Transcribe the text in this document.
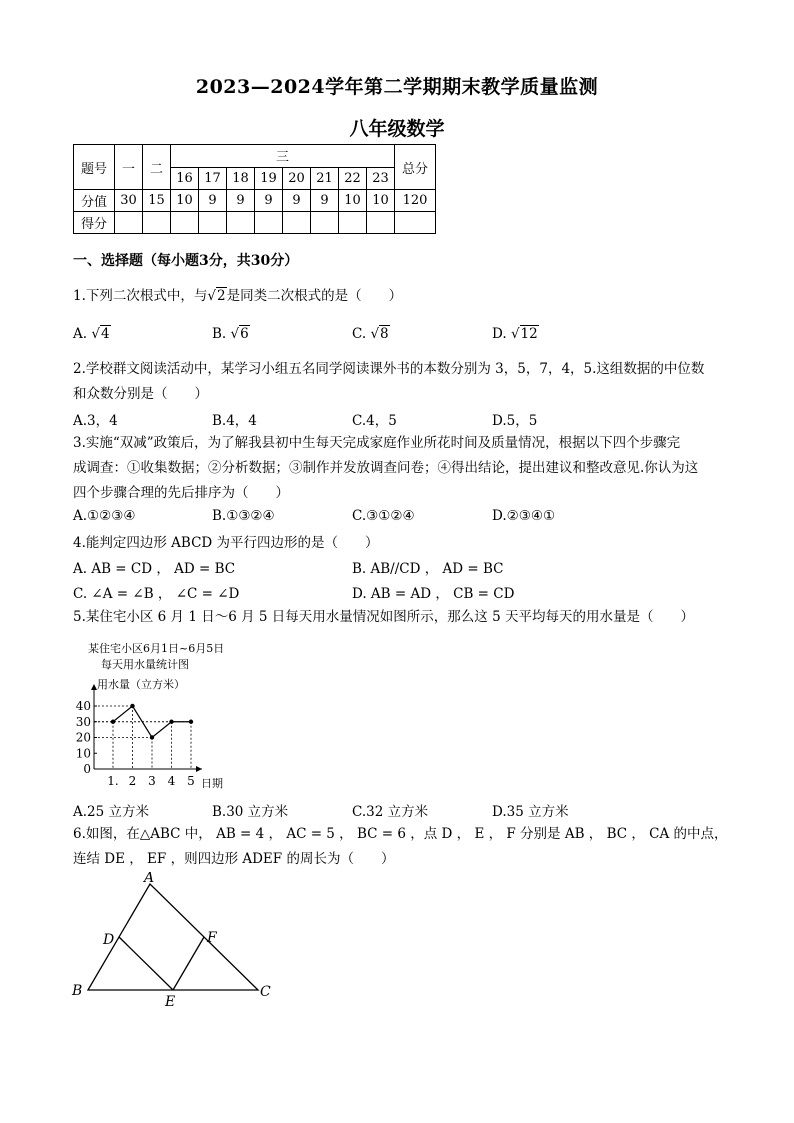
2023—2024学年第二学期期末教学质量监测
八年级数学
题号	一	二	三								总分
			16	17	18	19	20	21	22	23	
分值	30	15	10	9	9	9	9	9	10	10	120
得分											
一、选择题（每小题3分，共30分）
1.下列二次根式中，与√2是同类二次根式的是（　　）
A. √4	B. √6	C. √8	D. √12
2.学校群文阅读活动中，某学习小组五名同学阅读课外书的本数分别为 3，5，7，4，5.这组数据的中位数
和众数分别是（　　）
A.3，4	B.4，4	C.4，5	D.5，5
3.实施“双减”政策后，为了解我县初中生每天完成家庭作业所花时间及质量情况，根据以下四个步骤完
成调查：①收集数据；②分析数据；③制作并发放调查问卷；④得出结论，提出建议和整改意见.你认为这
四个步骤合理的先后排序为（　　）
A.①②③④	B.①③②④	C.③①②④	D.②③④①
4.能判定四边形 ABCD 为平行四边形的是（　　）
A. AB = CD ， AD = BC	B. AB//CD ， AD = BC
C. ∠A = ∠B ， ∠C = ∠D	D. AB = AD ， CB = CD
5.某住宅小区 6 月 1 日～6 月 5 日每天用水量情况如图所示，那么这 5 天平均每天的用水量是（　　）
某住宅小区6月1日~6月5日
每天用水量统计图
用水量（立方米）
日期
0
10
20
30
40
1. 2 3 4 5
A.25 立方米	B.30 立方米	C.32 立方米	D.35 立方米
6.如图，在△ABC 中， AB = 4 ， AC = 5 ， BC = 6 ，点 D ， E ， F 分别是 AB ， BC ， CA 的中点，
连结 DE ， EF ，则四边形 ADEF 的周长为（　　）
A
B	C
D
E
F
